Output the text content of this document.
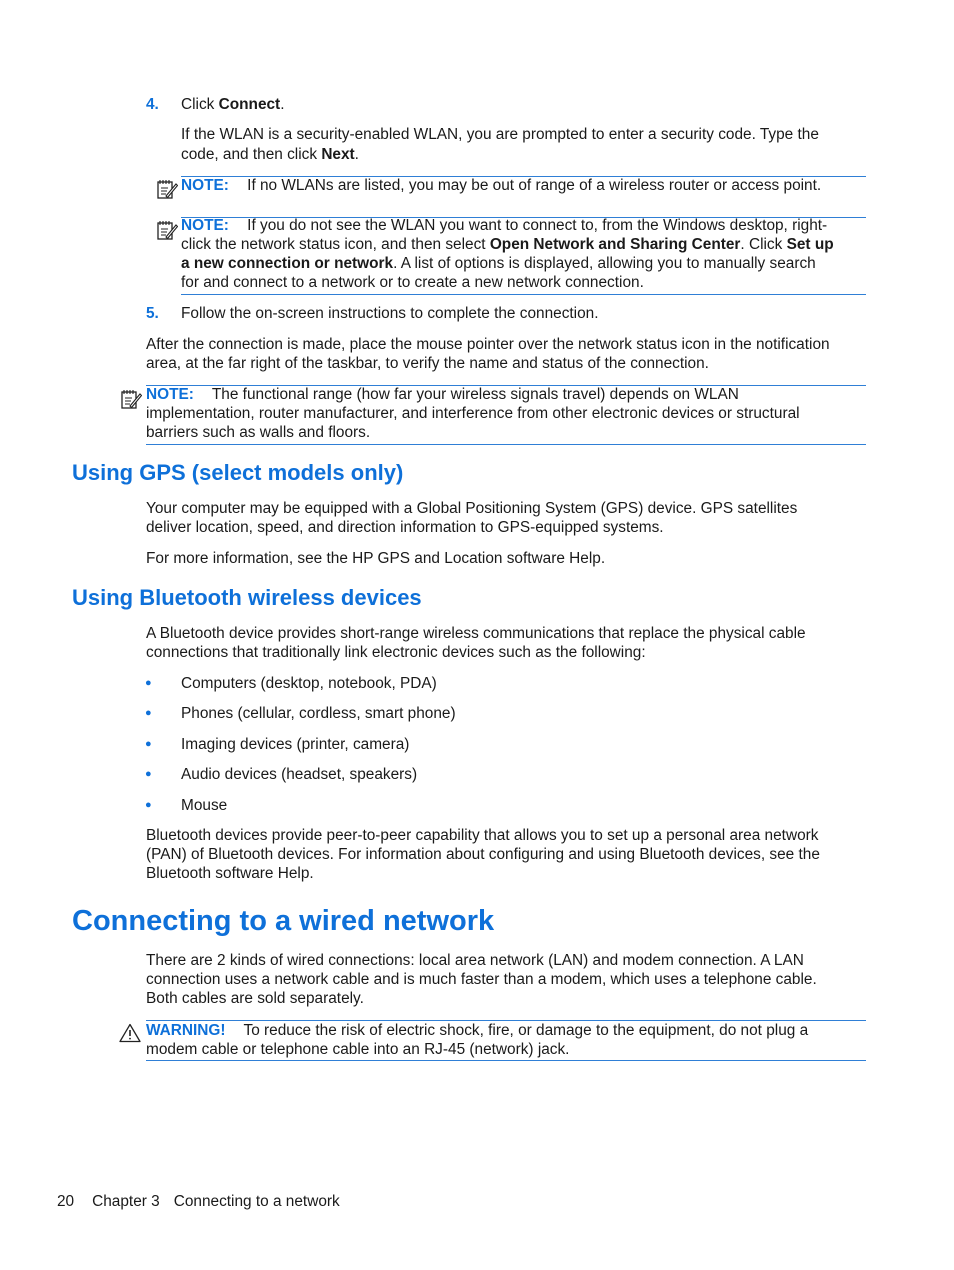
4. Click Connect.
If the WLAN is a security-enabled WLAN, you are prompted to enter a security code. Type the
code, and then click Next.
NOTE: If no WLANs are listed, you may be out of range of a wireless router or access point.
NOTE: If you do not see the WLAN you want to connect to, from the Windows desktop, right-
click the network status icon, and then select Open Network and Sharing Center. Click Set up
a new connection or network. A list of options is displayed, allowing you to manually search
for and connect to a network or to create a new network connection.
5. Follow the on-screen instructions to complete the connection.
After the connection is made, place the mouse pointer over the network status icon in the notification
area, at the far right of the taskbar, to verify the name and status of the connection.
NOTE: The functional range (how far your wireless signals travel) depends on WLAN
implementation, router manufacturer, and interference from other electronic devices or structural
barriers such as walls and floors.
Using GPS (select models only)
Your computer may be equipped with a Global Positioning System (GPS) device. GPS satellites
deliver location, speed, and direction information to GPS-equipped systems.
For more information, see the HP GPS and Location software Help.
Using Bluetooth wireless devices
A Bluetooth device provides short-range wireless communications that replace the physical cable
connections that traditionally link electronic devices such as the following:
● Computers (desktop, notebook, PDA)
● Phones (cellular, cordless, smart phone)
● Imaging devices (printer, camera)
● Audio devices (headset, speakers)
● Mouse
Bluetooth devices provide peer-to-peer capability that allows you to set up a personal area network
(PAN) of Bluetooth devices. For information about configuring and using Bluetooth devices, see the
Bluetooth software Help.
Connecting to a wired network
There are 2 kinds of wired connections: local area network (LAN) and modem connection. A LAN
connection uses a network cable and is much faster than a modem, which uses a telephone cable.
Both cables are sold separately.
WARNING! To reduce the risk of electric shock, fire, or damage to the equipment, do not plug a
modem cable or telephone cable into an RJ-45 (network) jack.
20 Chapter 3 Connecting to a network
